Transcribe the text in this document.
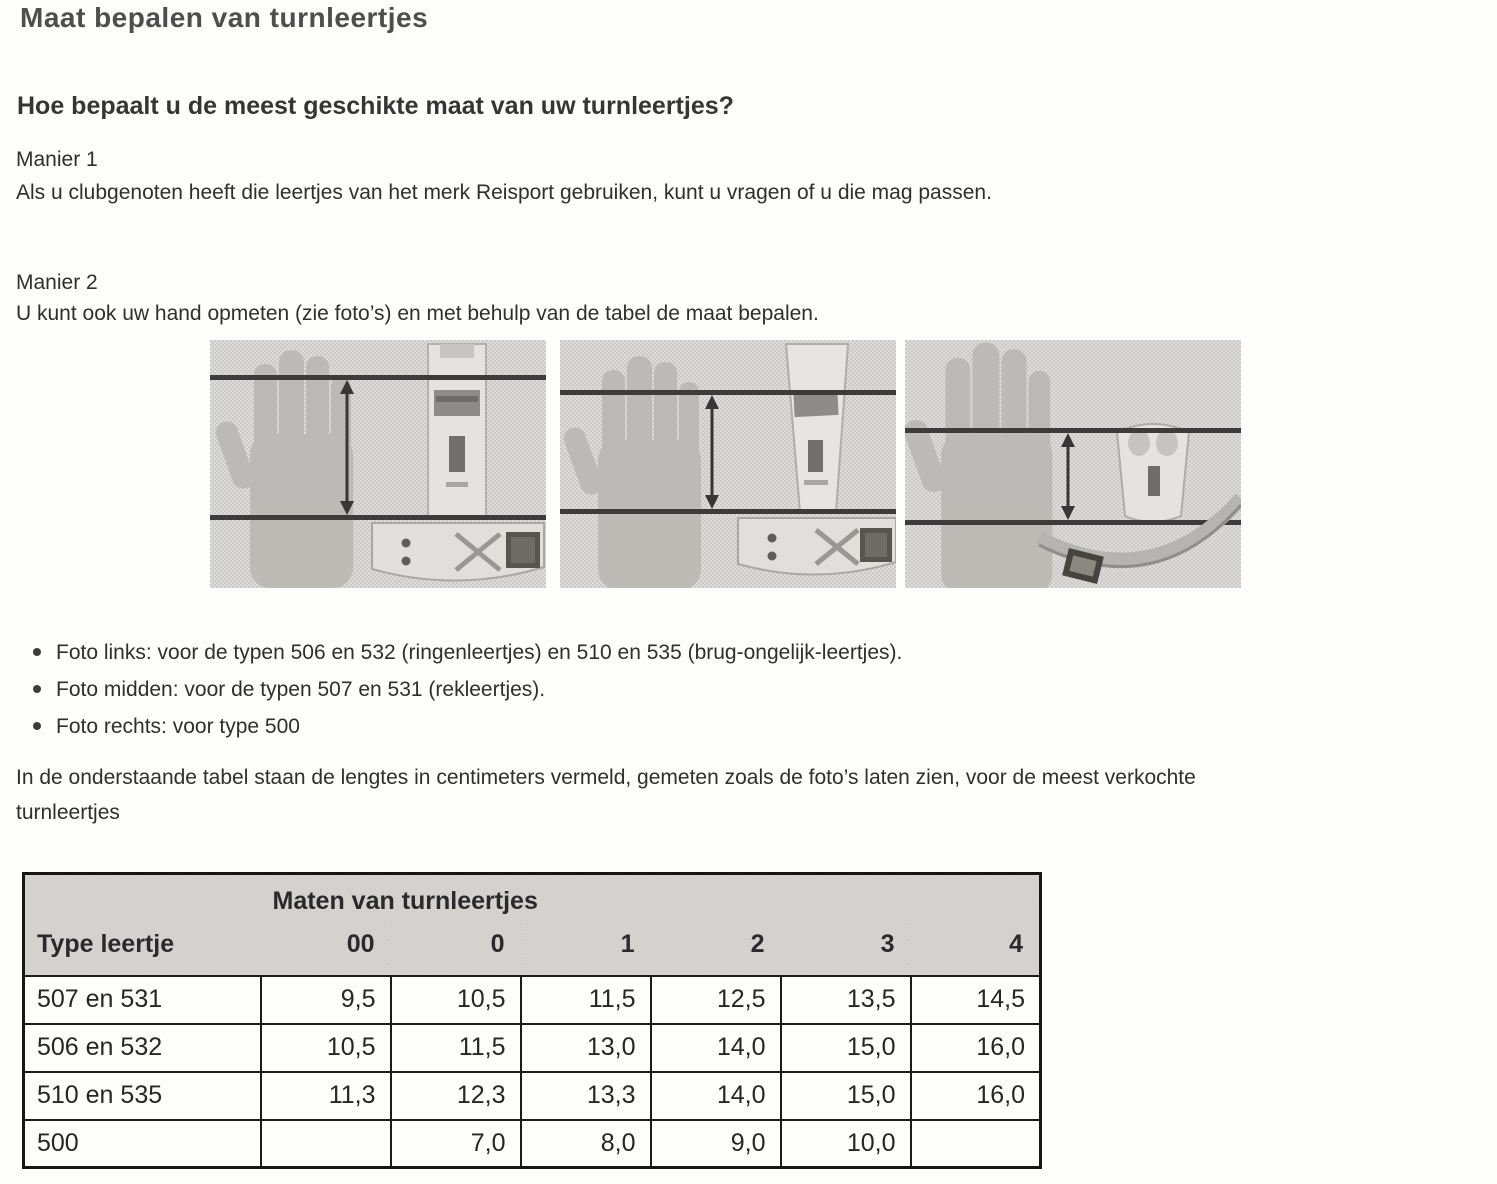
Maat bepalen van turnleertjes
Hoe bepaalt u de meest geschikte maat van uw turnleertjes?
Manier 1
Als u clubgenoten heeft die leertjes van het merk Reisport gebruiken, kunt u vragen of u die mag passen.
Manier 2
U kunt ook uw hand opmeten (zie foto’s) en met behulp van de tabel de maat bepalen.
Foto links: voor de typen 506 en 532 (ringenleertjes) en 510 en 535 (brug-ongelijk-leertjes).
Foto midden: voor de typen 507 en 531 (rekleertjes).
Foto rechts: voor type 500
In de onderstaande tabel staan de lengtes in centimeters vermeld, gemeten zoals de foto’s laten zien, voor de meest verkochte
turnleertjes
Type leertje	Maten van turnleertjes					
	00	0	1	2	3	4
507 en 531	9,5	10,5	11,5	12,5	13,5	14,5
506 en 532	10,5	11,5	13,0	14,0	15,0	16,0
510 en 535	11,3	12,3	13,3	14,0	15,0	16,0
500		7,0	8,0	9,0	10,0	
